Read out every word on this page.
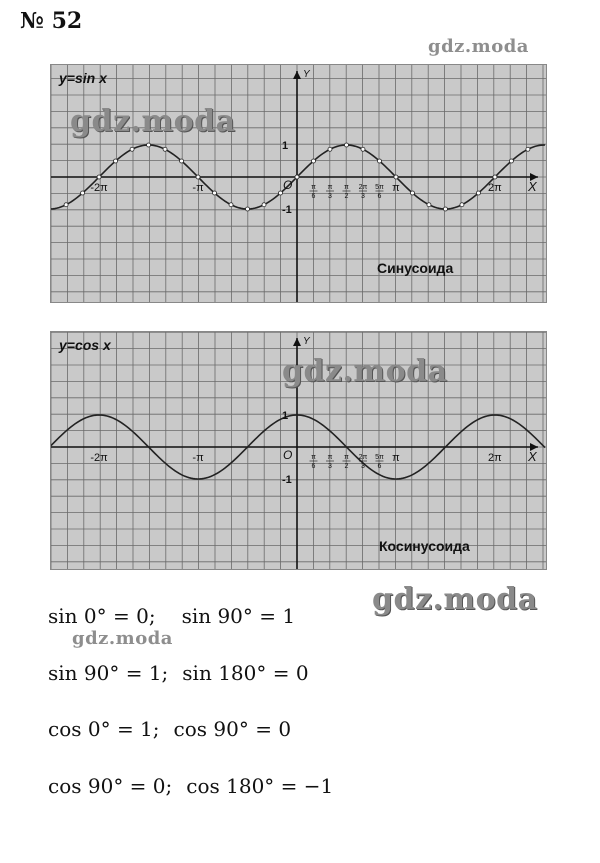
№ 52
gdz.moda
y=sin x
X
Y
O
1
-1
-2π	-π	π	2π
π
6
π
3
π
2
2π
3
5π
6
Синусоида
y=cos x
X
Y
O
1
-1
-2π	-π	π	2π
π
6
π
3
π
2
2π
3
5π
6
Косинусоида
gdz.moda
gdz.moda
gdz.moda
gdz.moda
sin 0° = 0; sin 90° = 1
sin 90° = 1; sin 180° = 0
cos 0° = 1; cos 90° = 0
cos 90° = 0; cos 180° = −1
